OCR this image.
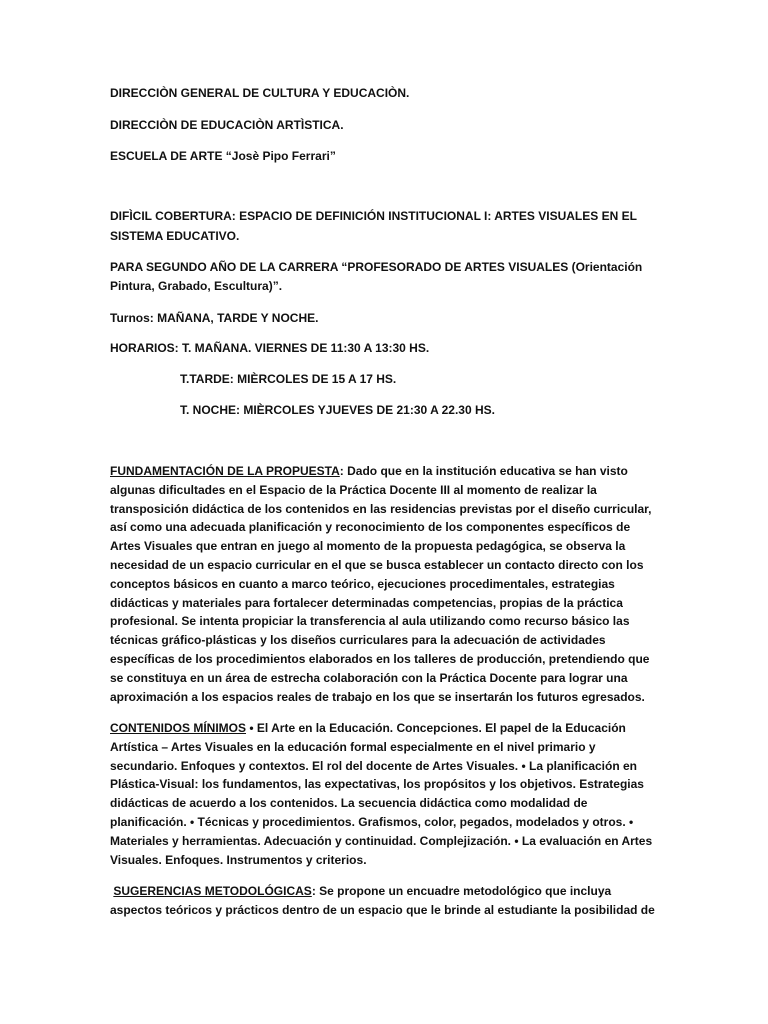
DIRECCIÒN GENERAL DE CULTURA Y EDUCACIÒN.
DIRECCIÒN DE EDUCACIÒN ARTÌSTICA.
ESCUELA DE ARTE “Josè Pipo Ferrari”
DIFÌCIL COBERTURA: ESPACIO DE DEFINICIÓN INSTITUCIONAL I: ARTES VISUALES EN EL
SISTEMA EDUCATIVO.
PARA SEGUNDO AÑO DE LA CARRERA “PROFESORADO DE ARTES VISUALES (Orientación
Pintura, Grabado, Escultura)”.
Turnos: MAÑANA, TARDE Y NOCHE.
HORARIOS: T. MAÑANA. VIERNES DE 11:30 A 13:30 HS.
T.TARDE: MIÈRCOLES DE 15 A 17 HS.
T. NOCHE: MIÈRCOLES YJUEVES DE 21:30 A 22.30 HS.
FUNDAMENTACIÓN DE LA PROPUESTA: Dado que en la institución educativa se han visto
algunas dificultades en el Espacio de la Práctica Docente III al momento de realizar la
transposición didáctica de los contenidos en las residencias previstas por el diseño curricular,
así como una adecuada planificación y reconocimiento de los componentes específicos de
Artes Visuales que entran en juego al momento de la propuesta pedagógica, se observa la
necesidad de un espacio curricular en el que se busca establecer un contacto directo con los
conceptos básicos en cuanto a marco teórico, ejecuciones procedimentales, estrategias
didácticas y materiales para fortalecer determinadas competencias, propias de la práctica
profesional. Se intenta propiciar la transferencia al aula utilizando como recurso básico las
técnicas gráfico-plásticas y los diseños curriculares para la adecuación de actividades
específicas de los procedimientos elaborados en los talleres de producción, pretendiendo que
se constituya en un área de estrecha colaboración con la Práctica Docente para lograr una
aproximación a los espacios reales de trabajo en los que se insertarán los futuros egresados.
CONTENIDOS MÍNIMOS • El Arte en la Educación. Concepciones. El papel de la Educación
Artística – Artes Visuales en la educación formal especialmente en el nivel primario y
secundario. Enfoques y contextos. El rol del docente de Artes Visuales. • La planificación en
Plástica-Visual: los fundamentos, las expectativas, los propósitos y los objetivos. Estrategias
didácticas de acuerdo a los contenidos. La secuencia didáctica como modalidad de
planificación. • Técnicas y procedimientos. Grafismos, color, pegados, modelados y otros. •
Materiales y herramientas. Adecuación y continuidad. Complejización. • La evaluación en Artes
Visuales. Enfoques. Instrumentos y criterios.
SUGERENCIAS METODOLÓGICAS: Se propone un encuadre metodológico que incluya
aspectos teóricos y prácticos dentro de un espacio que le brinde al estudiante la posibilidad de
